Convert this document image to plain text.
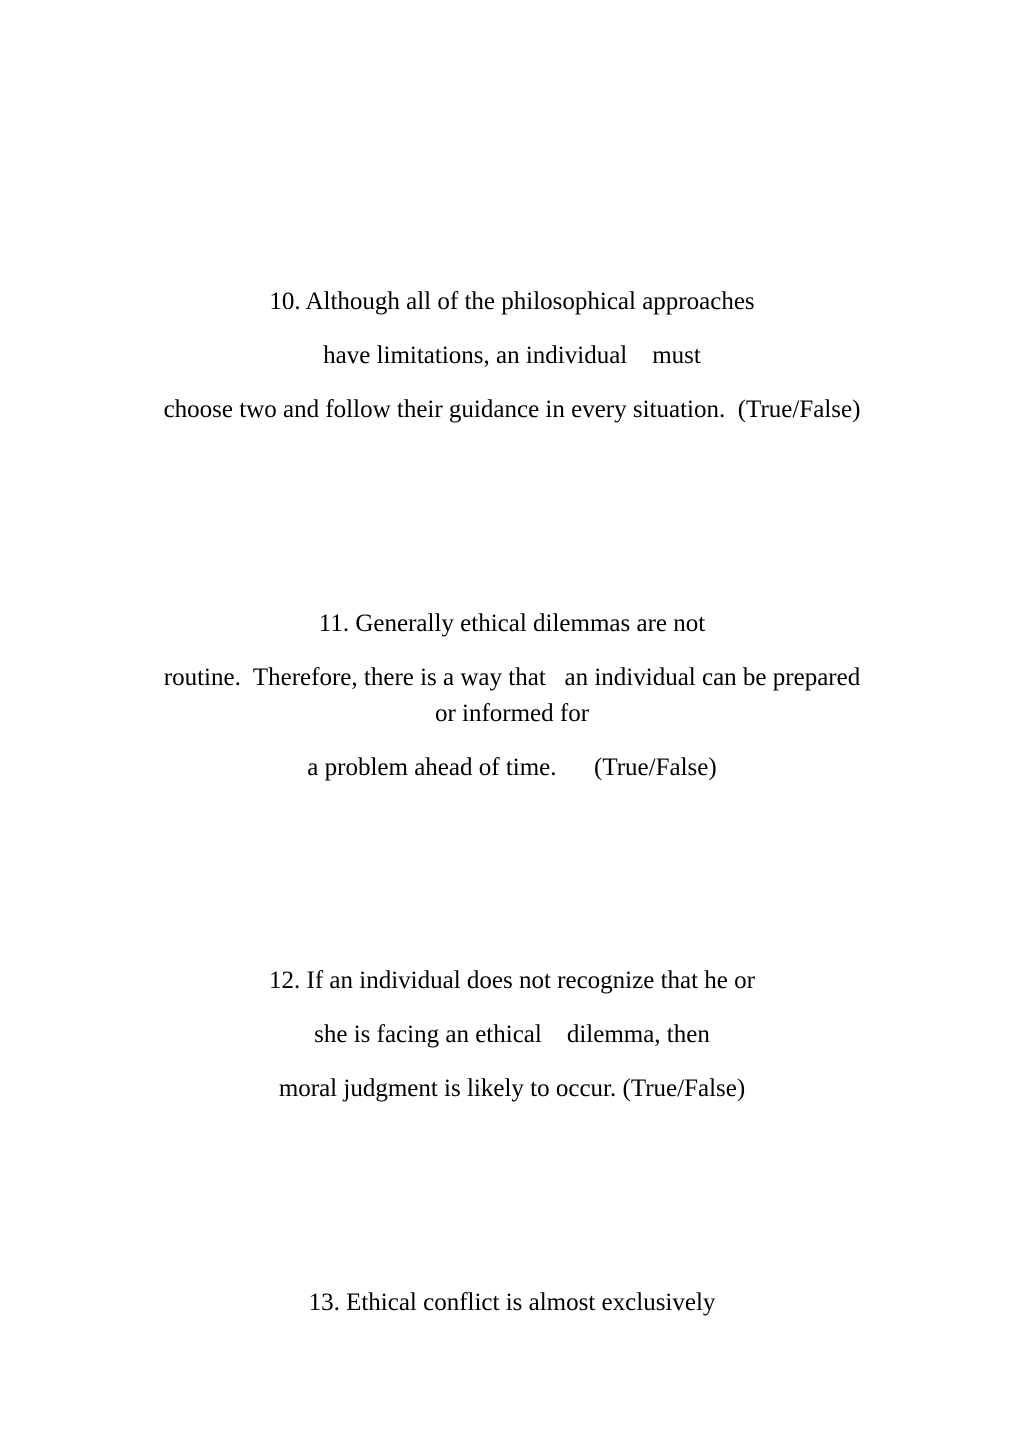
10. Although all of the philosophical approaches
have limitations, an individual    must
choose two and follow their guidance in every situation.  (True/False)
11. Generally ethical dilemmas are not
routine.  Therefore, there is a way that   an individual can be prepared
or informed for
a problem ahead of time.      (True/False)
12. If an individual does not recognize that he or
she is facing an ethical    dilemma, then
moral judgment is likely to occur. (True/False)
13. Ethical conflict is almost exclusively
